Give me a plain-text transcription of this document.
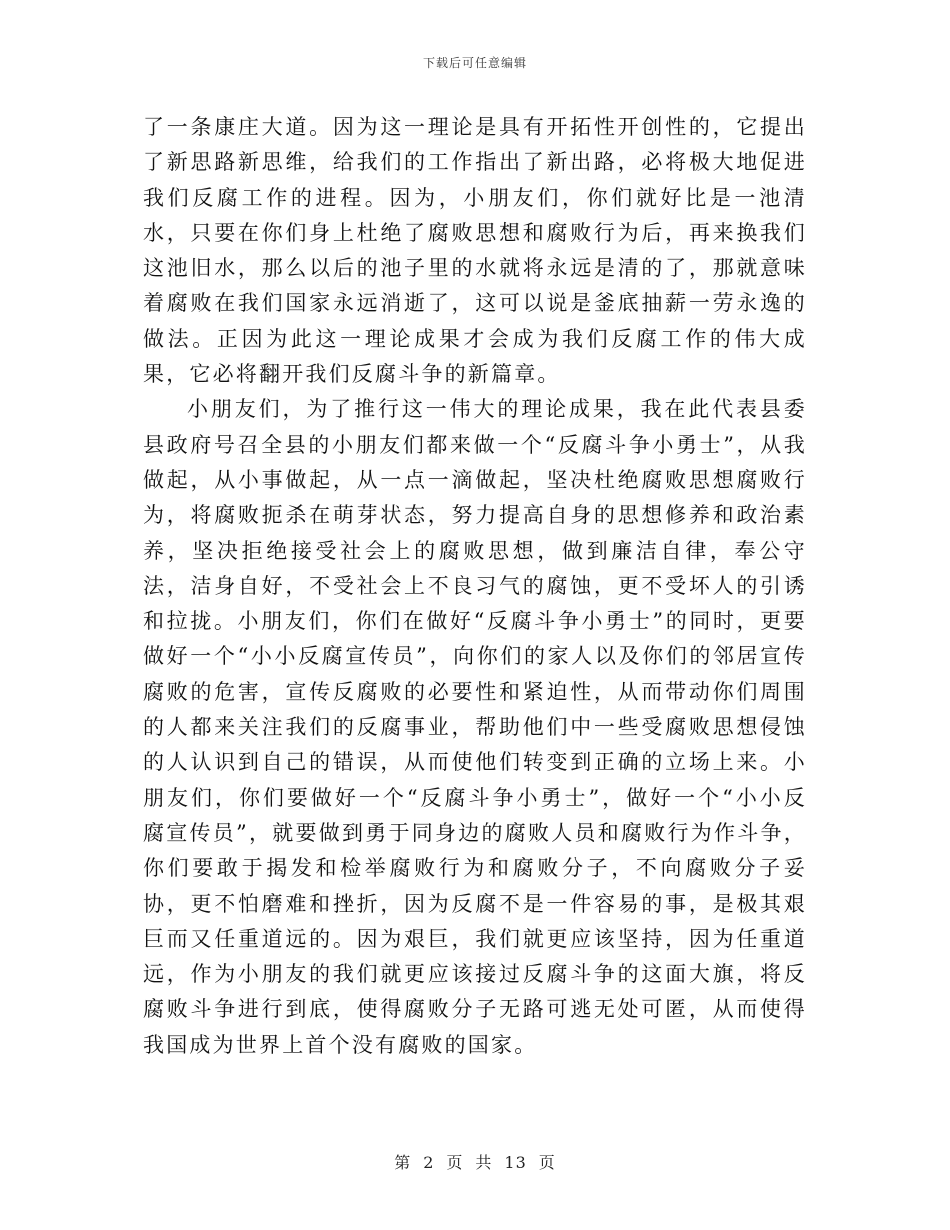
下载后可任意编辑

了一条康庄大道。因为这一理论是具有开拓性开创性的，它提出了新思路新思维，给我们的工作指出了新出路，必将极大地促进我们反腐工作的进程。因为，小朋友们，你们就好比是一池清水，只要在你们身上杜绝了腐败思想和腐败行为后，再来换我们这池旧水，那么以后的池子里的水就将永远是清的了，那就意味着腐败在我们国家永远消逝了，这可以说是釜底抽薪一劳永逸的做法。正因为此这一理论成果才会成为我们反腐工作的伟大成果，它必将翻开我们反腐斗争的新篇章。

小朋友们，为了推行这一伟大的理论成果，我在此代表县委县政府号召全县的小朋友们都来做一个“反腐斗争小勇士”，从我做起，从小事做起，从一点一滴做起，坚决杜绝腐败思想腐败行为，将腐败扼杀在萌芽状态，努力提高自身的思想修养和政治素养，坚决拒绝接受社会上的腐败思想，做到廉洁自律，奉公守法，洁身自好，不受社会上不良习气的腐蚀，更不受坏人的引诱和拉拢。小朋友们，你们在做好“反腐斗争小勇士”的同时，更要做好一个“小小反腐宣传员”，向你们的家人以及你们的邻居宣传腐败的危害，宣传反腐败的必要性和紧迫性，从而带动你们周围的人都来关注我们的反腐事业，帮助他们中一些受腐败思想侵蚀的人认识到自己的错误，从而使他们转变到正确的立场上来。小朋友们，你们要做好一个“反腐斗争小勇士”，做好一个“小小反腐宣传员”，就要做到勇于同身边的腐败人员和腐败行为作斗争，你们要敢于揭发和检举腐败行为和腐败分子，不向腐败分子妥协，更不怕磨难和挫折，因为反腐不是一件容易的事，是极其艰巨而又任重道远的。因为艰巨，我们就更应该坚持，因为任重道远，作为小朋友的我们就更应该接过反腐斗争的这面大旗，将反腐败斗争进行到底，使得腐败分子无路可逃无处可匿，从而使得我国成为世界上首个没有腐败的国家。

第 2 页 共 13 页
